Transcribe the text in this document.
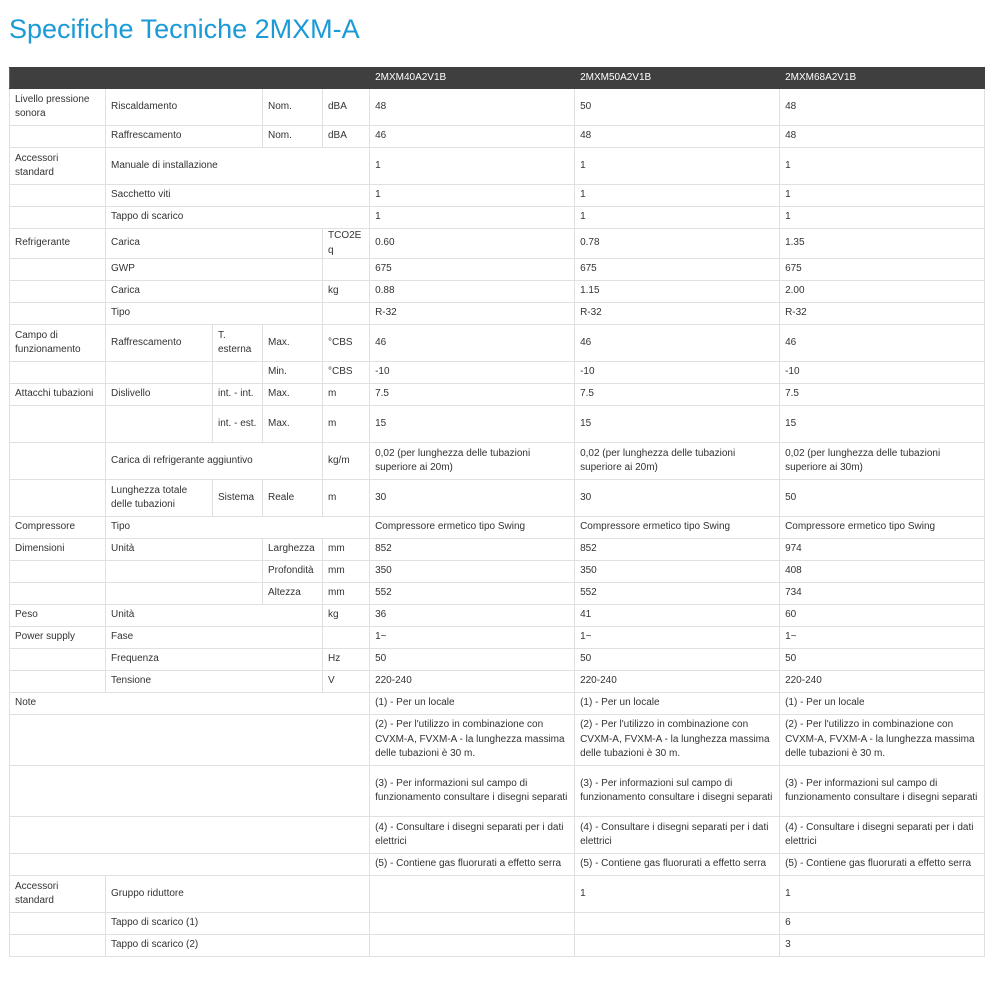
Specifiche Tecniche 2MXM-A
					2MXM40A2V1B	2MXM50A2V1B	2MXM68A2V1B
Livello pressione sonora	Riscaldamento		Nom.	dBA	48	50	48
	Raffrescamento		Nom.	dBA	46	48	48
Accessori standard	Manuale di installazione				1	1	1
	Sacchetto viti				1	1	1
	Tappo di scarico				1	1	1
Refrigerante	Carica			TCO2Eq	0.60	0.78	1.35
	GWP				675	675	675
	Carica			kg	0.88	1.15	2.00
	Tipo				R-32	R-32	R-32
Campo di funzionamento	Raffrescamento	T. esterna	Max.	°CBS	46	46	46
			Min.	°CBS	-10	-10	-10
Attacchi tubazioni	Dislivello	int. - int.	Max.	m	7.5	7.5	7.5
		int. - est.	Max.	m	15	15	15
	Carica di refrigerante aggiuntivo			kg/m	0,02 (per lunghezza delle tubazioni superiore ai 20m)	0,02 (per lunghezza delle tubazioni superiore ai 20m)	0,02 (per lunghezza delle tubazioni superiore ai 30m)
	Lunghezza totale delle tubazioni	Sistema	Reale	m	30	30	50
Compressore	Tipo				Compressore ermetico tipo Swing	Compressore ermetico tipo Swing	Compressore ermetico tipo Swing
Dimensioni	Unità		Larghezza	mm	852	852	974
			Profondità	mm	350	350	408
			Altezza	mm	552	552	734
Peso	Unità			kg	36	41	60
Power supply	Fase				1~	1~	1~
	Frequenza			Hz	50	50	50
	Tensione			V	220-240	220-240	220-240
Note					(1) - Per un locale	(1) - Per un locale	(1) - Per un locale
					(2) - Per l'utilizzo in combinazione con CVXM-A, FVXM-A - la lunghezza massima delle tubazioni è 30 m.	(2) - Per l'utilizzo in combinazione con CVXM-A, FVXM-A - la lunghezza massima delle tubazioni è 30 m.	(2) - Per l'utilizzo in combinazione con CVXM-A, FVXM-A - la lunghezza massima delle tubazioni è 30 m.
					(3) - Per informazioni sul campo di funzionamento consultare i disegni separati	(3) - Per informazioni sul campo di funzionamento consultare i disegni separati	(3) - Per informazioni sul campo di funzionamento consultare i disegni separati
					(4) - Consultare i disegni separati per i dati elettrici	(4) - Consultare i disegni separati per i dati elettrici	(4) - Consultare i disegni separati per i dati elettrici
					(5) - Contiene gas fluorurati a effetto serra	(5) - Contiene gas fluorurati a effetto serra	(5) - Contiene gas fluorurati a effetto serra
Accessori standard	Gruppo riduttore					1	1
	Tappo di scarico (1)						6
	Tappo di scarico (2)						3
